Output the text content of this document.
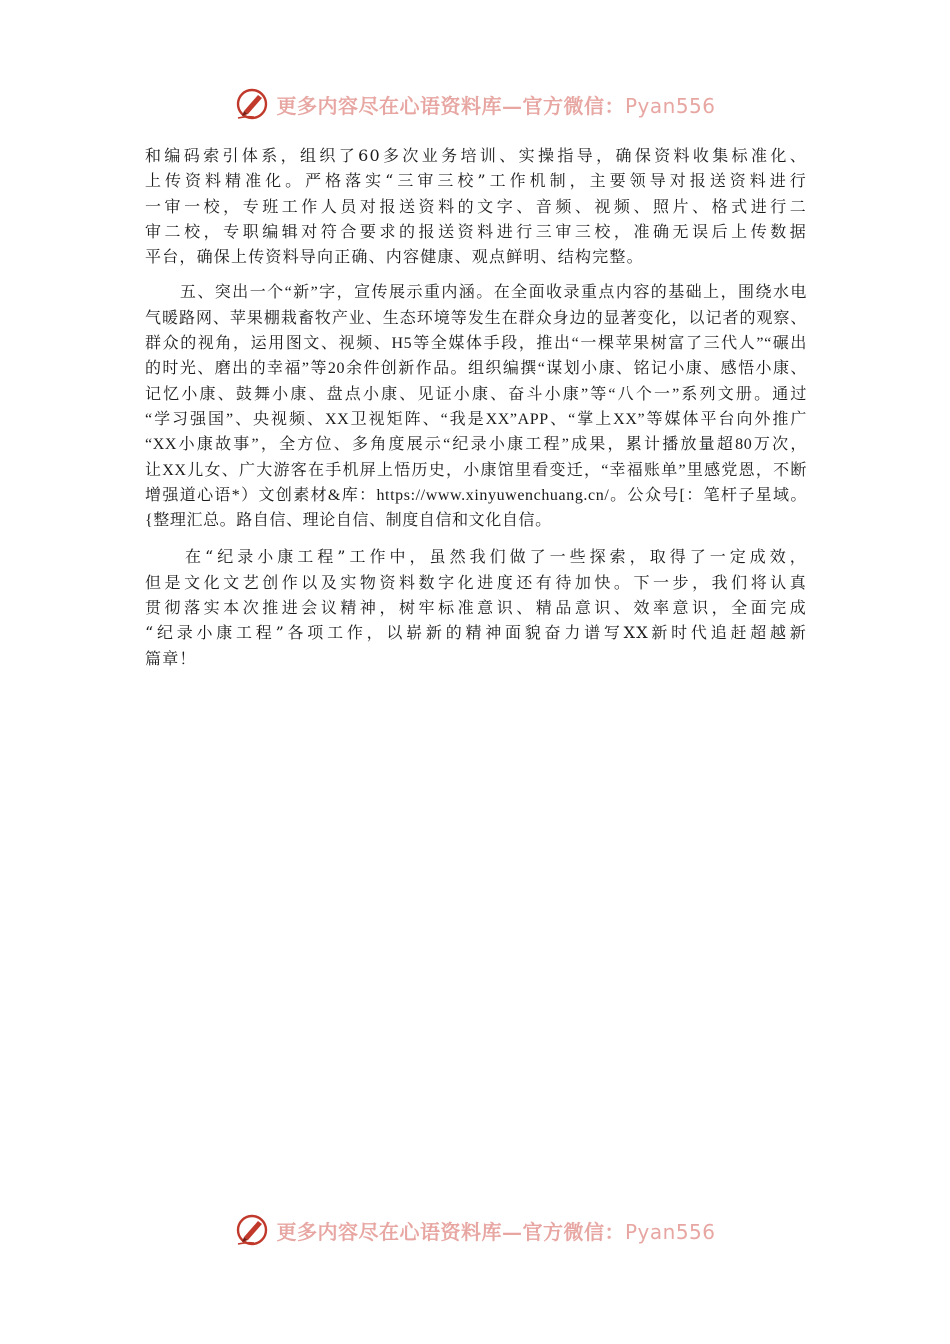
更多内容尽在心语资料库—官方微信：Pyan556

和编码索引体系，组织了60多次业务培训、实操指导，确保资料收集标准化、
上传资料精准化。严格落实“三审三校”工作机制，主要领导对报送资料进行
一审一校，专班工作人员对报送资料的文字、音频、视频、照片、格式进行二
审二校，专职编辑对符合要求的报送资料进行三审三校，准确无误后上传数据
平台，确保上传资料导向正确、内容健康、观点鲜明、结构完整。

　　五、突出一个“新”字，宣传展示重内涵。在全面收录重点内容的基础上，围绕水电
气暖路网、苹果棚栽畜牧产业、生态环境等发生在群众身边的显著变化，以记者的观察、
群众的视角，运用图文、视频、H5等全媒体手段，推出“一棵苹果树富了三代人”“碾出
的时光、磨出的幸福”等20余件创新作品。组织编撰“谋划小康、铭记小康、感悟小康、
记忆小康、鼓舞小康、盘点小康、见证小康、奋斗小康”等“八个一”系列文册。通过
“学习强国”、央视频、XX卫视矩阵、“我是XX”APP、“掌上XX”等媒体平台向外推广
“XX小康故事”，全方位、多角度展示“纪录小康工程”成果，累计播放量超80万次，
让XX儿女、广大游客在手机屏上悟历史，小康馆里看变迁，“幸福账单”里感党恩，不断
增强道心语*）文创素材&库：https://www.xinyuwenchuang.cn/。公众号[：笔杆子星域。
{整理汇总。路自信、理论自信、制度自信和文化自信。

　　在“纪录小康工程”工作中，虽然我们做了一些探索，取得了一定成效，
但是文化文艺创作以及实物资料数字化进度还有待加快。下一步，我们将认真
贯彻落实本次推进会议精神，树牢标准意识、精品意识、效率意识，全面完成
“纪录小康工程”各项工作，以崭新的精神面貌奋力谱写XX新时代追赶超越新
篇章！

更多内容尽在心语资料库—官方微信：Pyan556
